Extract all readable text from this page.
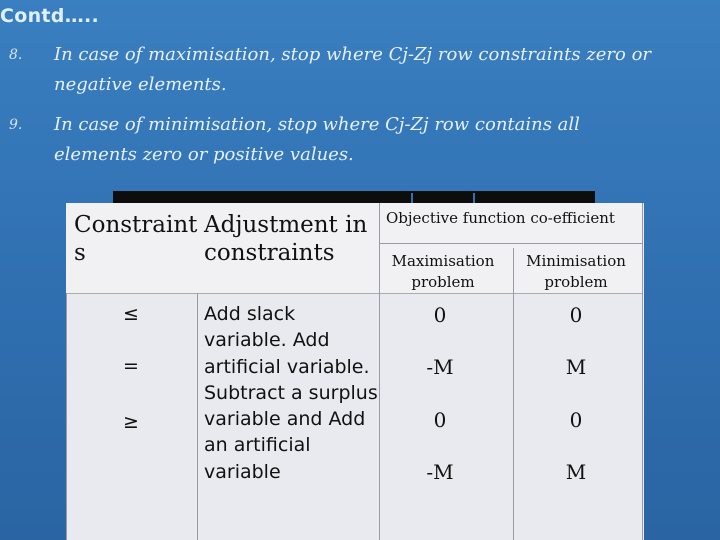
Contd…..
8. In case of maximisation, stop where Cj-Zj row constraints zero or negative elements.
9. In case of minimisation, stop where Cj-Zj row contains all elements zero or positive values.
Constraint s
Adjustment in constraints
Objective function co-efficient
Maximisation problem
Minimisation problem
≤
=
≥
Add slack variable. Add artificial variable. Subtract a surplus variable and Add an artificial variable
0
-M
0
-M
0
M
0
M
